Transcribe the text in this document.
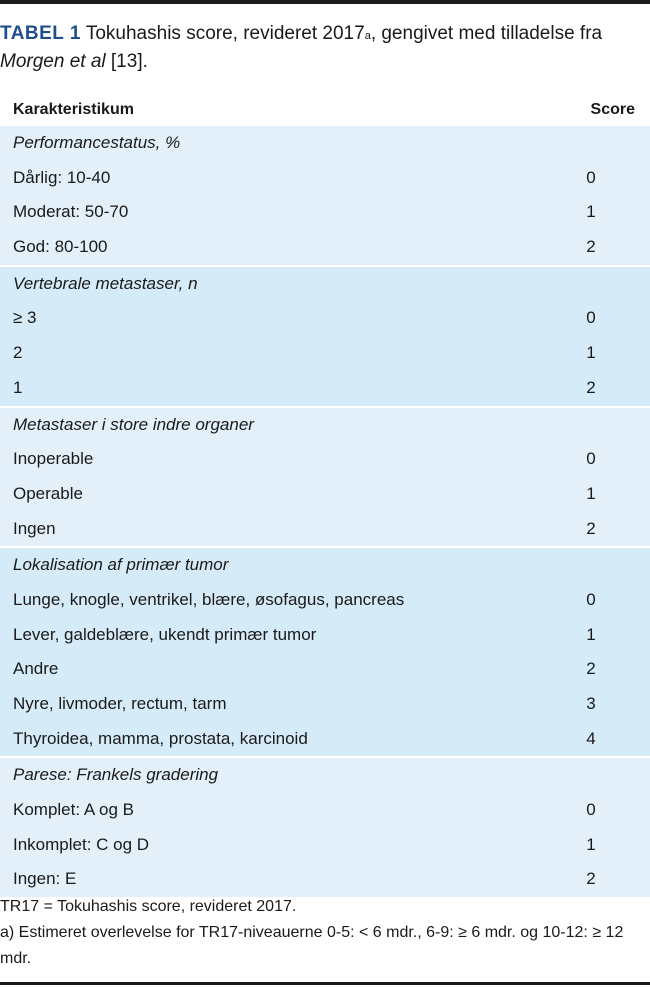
TABEL 1 Tokuhashis score, revideret 2017$^a$, gengivet med tilladelse fra Morgen et al [13].
Karakteristikum	Score
Performancestatus, %
Dårlig: 10-40	0
Moderat: 50-70	1
God: 80-100	2
Vertebrale metastaser, n
≥ 3	0
2	1
1	2
Metastaser i store indre organer
Inoperable	0
Operable	1
Ingen	2
Lokalisation af primær tumor
Lunge, knogle, ventrikel, blære, øsofagus, pancreas	0
Lever, galdeblære, ukendt primær tumor	1
Andre	2
Nyre, livmoder, rectum, tarm	3
Thyroidea, mamma, prostata, karcinoid	4
Parese: Frankels gradering
Komplet: A og B	0
Inkomplet: C og D	1
Ingen: E	2

TR17 = Tokuhashis score, revideret 2017.

a) Estimeret overlevelse for TR17-niveauerne 0-5: < 6 mdr., 6-9: ≥ 6 mdr. og 10-12: ≥ 12 mdr.
